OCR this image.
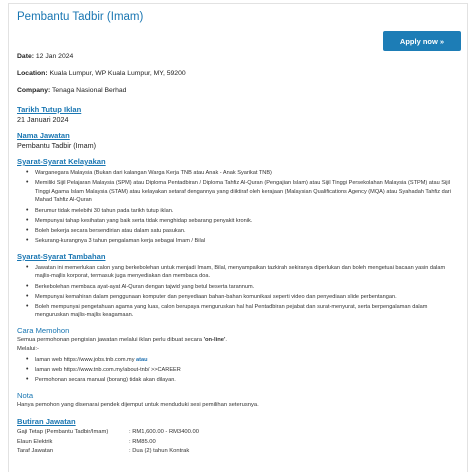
Pembantu Tadbir (Imam)
Apply now »
Date: 12 Jan 2024
Location: Kuala Lumpur, WP Kuala Lumpur, MY, 59200
Company: Tenaga Nasional Berhad
Tarikh Tutup Iklan
21 Januari 2024
Nama Jawatan
Pembantu Tadbir (Imam)
Syarat-Syarat Kelayakan
• Warganegara Malaysia (Bukan dari kalangan Warga Kerja TNB atau Anak - Anak Syarikat TNB)
• Memiliki Sijil Pelajaran Malaysia (SPM) atau Diploma Pentadbiran / Diploma Tahfiz Al-Quran (Pengajian Islam) atau Sijil Tinggi Persekolahan Malaysia (STPM) atau Sijil Tinggi Agama Islam Malaysia (STAM) atau kelayakan setaraf dengannya yang diiktiraf oleh kerajaan (Malaysian Qualifications Agency (MQA) atau Syahadah Tahfiz dari Mahad Tahfiz Al-Quran
• Berumur tidak melebihi 30 tahun pada tarikh tutup iklan.
• Mempunyai tahap kesihatan yang baik serta tidak menghidap sebarang penyakit kronik.
• Boleh bekerja secara bersendirian atau dalam satu pasukan.
• Sekurang-kurangnya 3 tahun pengalaman kerja sebagai Imam / Bilal
Syarat-Syarat Tambahan
• Jawatan ini memerlukan calon yang berkebolehan untuk menjadi Imam, Bilal, menyampaikan tazkirah sekiranya diperlukan dan boleh mengetuai bacaan yasin dalam majlis-majlis korporat, termasuk juga menyediakan dan membaca doa.
• Berkebolehan membaca ayat-ayat Al-Quran dengan tajwid yang betul beserta tarannum.
• Mempunyai kemahiran dalam penggunaan komputer dan penyediaan bahan-bahan komunikasi seperti video dan penyediaan slide perbentangan.
• Boleh mempunyai pengetahuan agama yang luas, calon berupaya menguruskan hal hal Pentadbiran pejabat dan surat-menyurat, serta berpengalaman dalam menguruskan majlis-majlis keagamaan.
Cara Memohon

Semua permohonan pengisian jawatan melalui iklan perlu dibuat secara 'on-line'.

Melalui:-

• laman web https://www.jobs.tnb.com.my atau
• laman web https://www.tnb.com.my/about-tnb/ >>CAREER
• Permohonan secara manual (borang) tidak akan dilayan.
Nota

Hanya pemohon yang disenarai pendek dijemput untuk menduduki sesi pemilihan seterusnya.

Butiran Jawatan
Gaji Tetap (Pembantu Tadbir/Imam)	: RM1,600.00 - RM3400.00
Elaun Elektrik	: RM85.00
Taraf Jawatan	: Dua (2) tahun Kontrak
